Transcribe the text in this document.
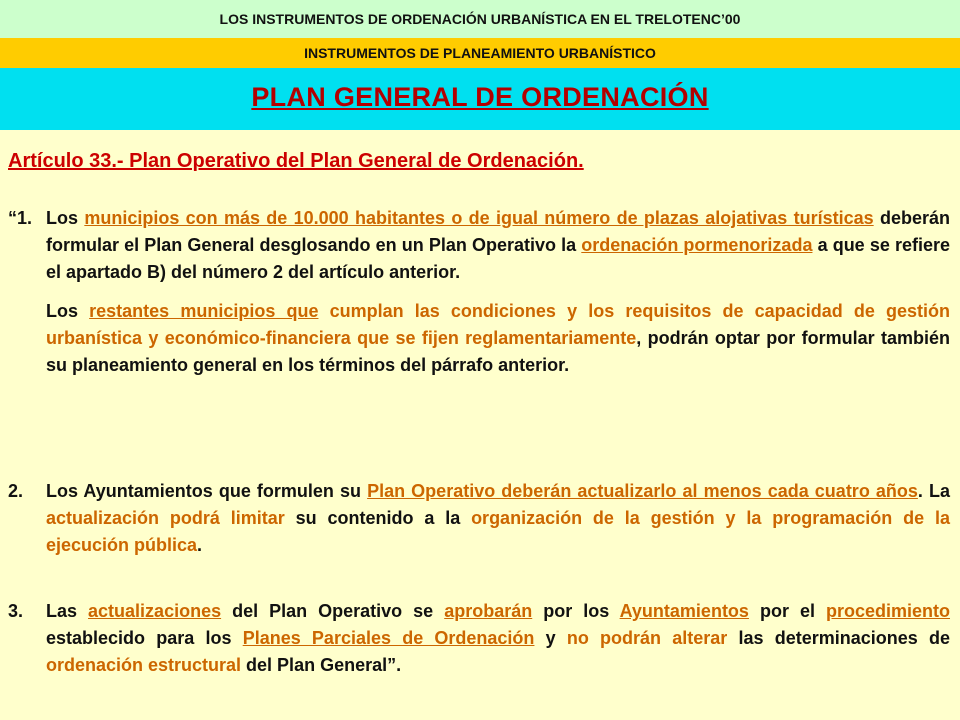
LOS INSTRUMENTOS DE ORDENACIÓN URBANÍSTICA EN EL TRELOTENC’00
INSTRUMENTOS DE PLANEAMIENTO URBANÍSTICO
PLAN GENERAL DE ORDENACIÓN
Artículo 33.- Plan Operativo del Plan General de Ordenación.
“1. Los municipios con más de 10.000 habitantes o de igual número de plazas alojativas turísticas deberán formular el Plan General desglosando en un Plan Operativo la ordenación pormenorizada a que se refiere el apartado B) del número 2 del artículo anterior.
Los restantes municipios que cumplan las condiciones y los requisitos de capacidad de gestión urbanística y económico-financiera que se fijen reglamentariamente, podrán optar por formular también su planeamiento general en los términos del párrafo anterior.
2. Los Ayuntamientos que formulen su Plan Operativo deberán actualizarlo al menos cada cuatro años. La actualización podrá limitar su contenido a la organización de la gestión y la programación de la ejecución pública.
3. Las actualizaciones del Plan Operativo se aprobarán por los Ayuntamientos por el procedimiento establecido para los Planes Parciales de Ordenación y no podrán alterar las determinaciones de ordenación estructural del Plan General”.
